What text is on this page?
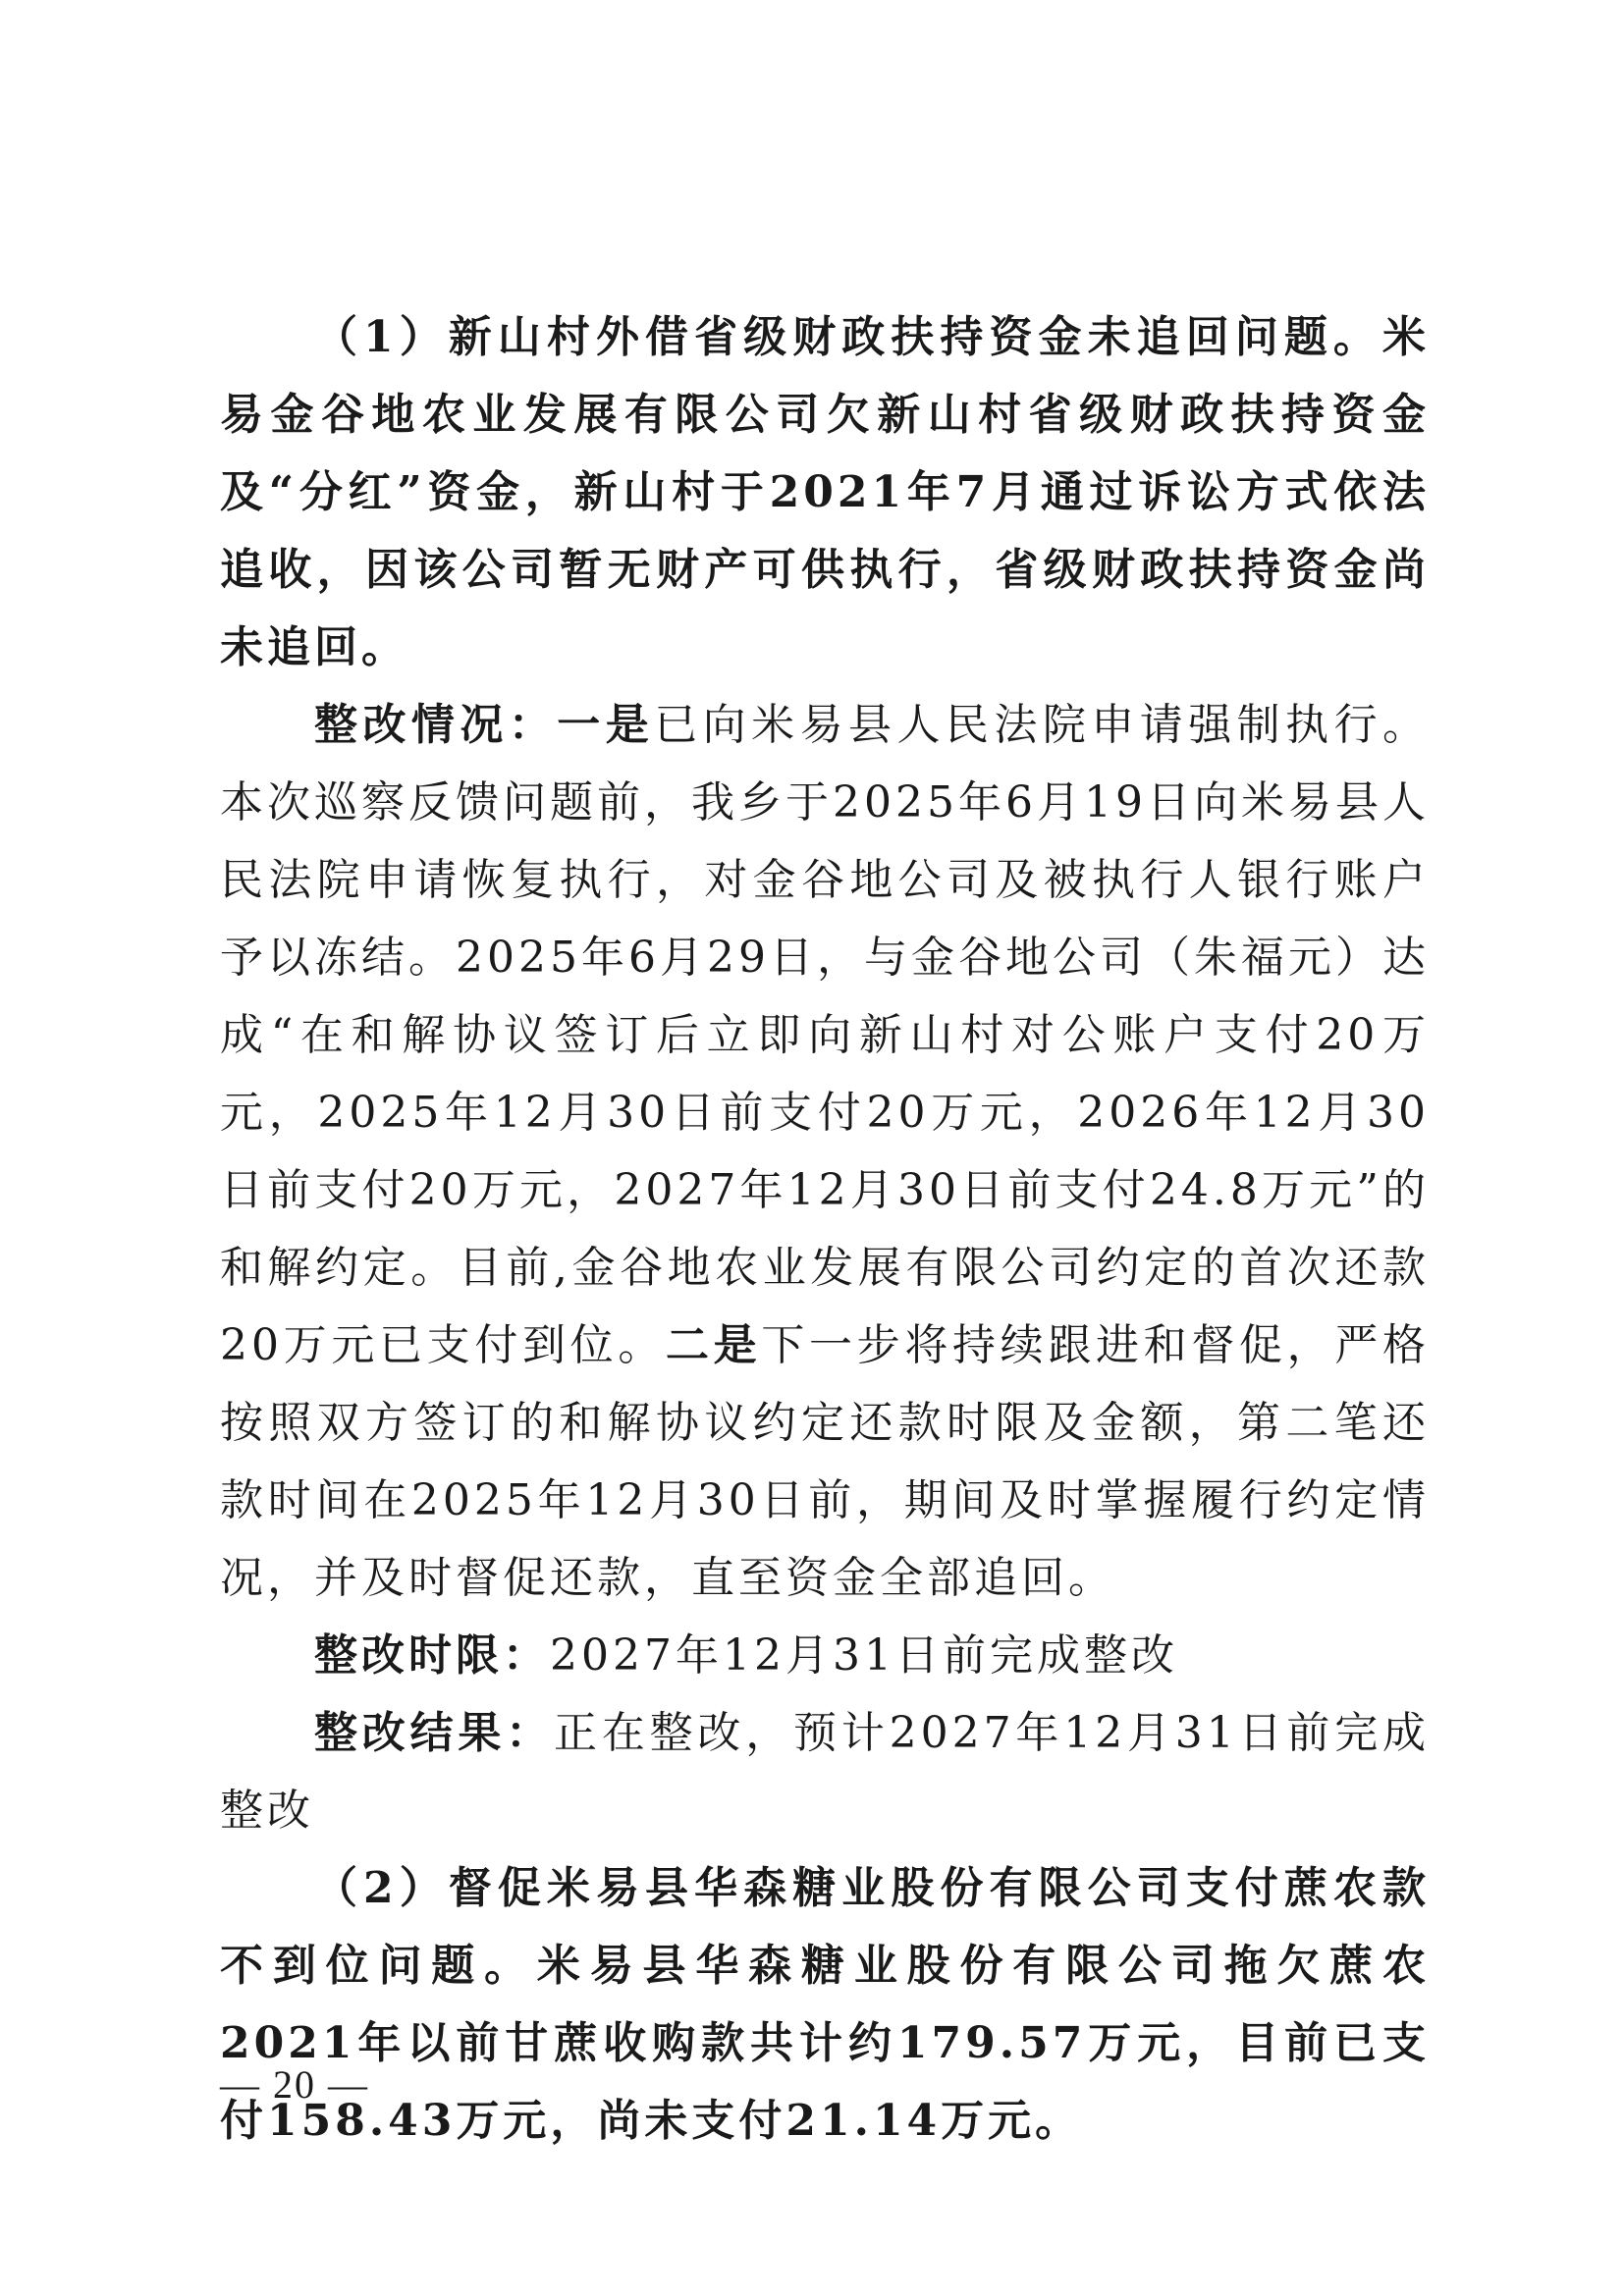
（1）新山村外借省级财政扶持资金未追回问题。米易金谷地农业发展有限公司欠新山村省级财政扶持资金及“分红”资金，新山村于2021年7月通过诉讼方式依法追收，因该公司暂无财产可供执行，省级财政扶持资金尚未追回。

整改情况：一是已向米易县人民法院申请强制执行。本次巡察反馈问题前，我乡于2025年6月19日向米易县人民法院申请恢复执行，对金谷地公司及被执行人银行账户予以冻结。2025年6月29日，与金谷地公司（朱福元）达成“在和解协议签订后立即向新山村对公账户支付20万元，2025年12月30日前支付20万元，2026年12月30日前支付20万元，2027年12月30日前支付24.8万元”的和解约定。目前,金谷地农业发展有限公司约定的首次还款20万元已支付到位。二是下一步将持续跟进和督促，严格按照双方签订的和解协议约定还款时限及金额，第二笔还款时间在2025年12月30日前，期间及时掌握履行约定情况，并及时督促还款，直至资金全部追回。

整改时限：2027年12月31日前完成整改

整改结果：正在整改，预计2027年12月31日前完成整改

（2）督促米易县华森糖业股份有限公司支付蔗农款不到位问题。米易县华森糖业股份有限公司拖欠蔗农2021年以前甘蔗收购款共计约179.57万元，目前已支付158.43万元，尚未支付21.14万元。

— 20 —
